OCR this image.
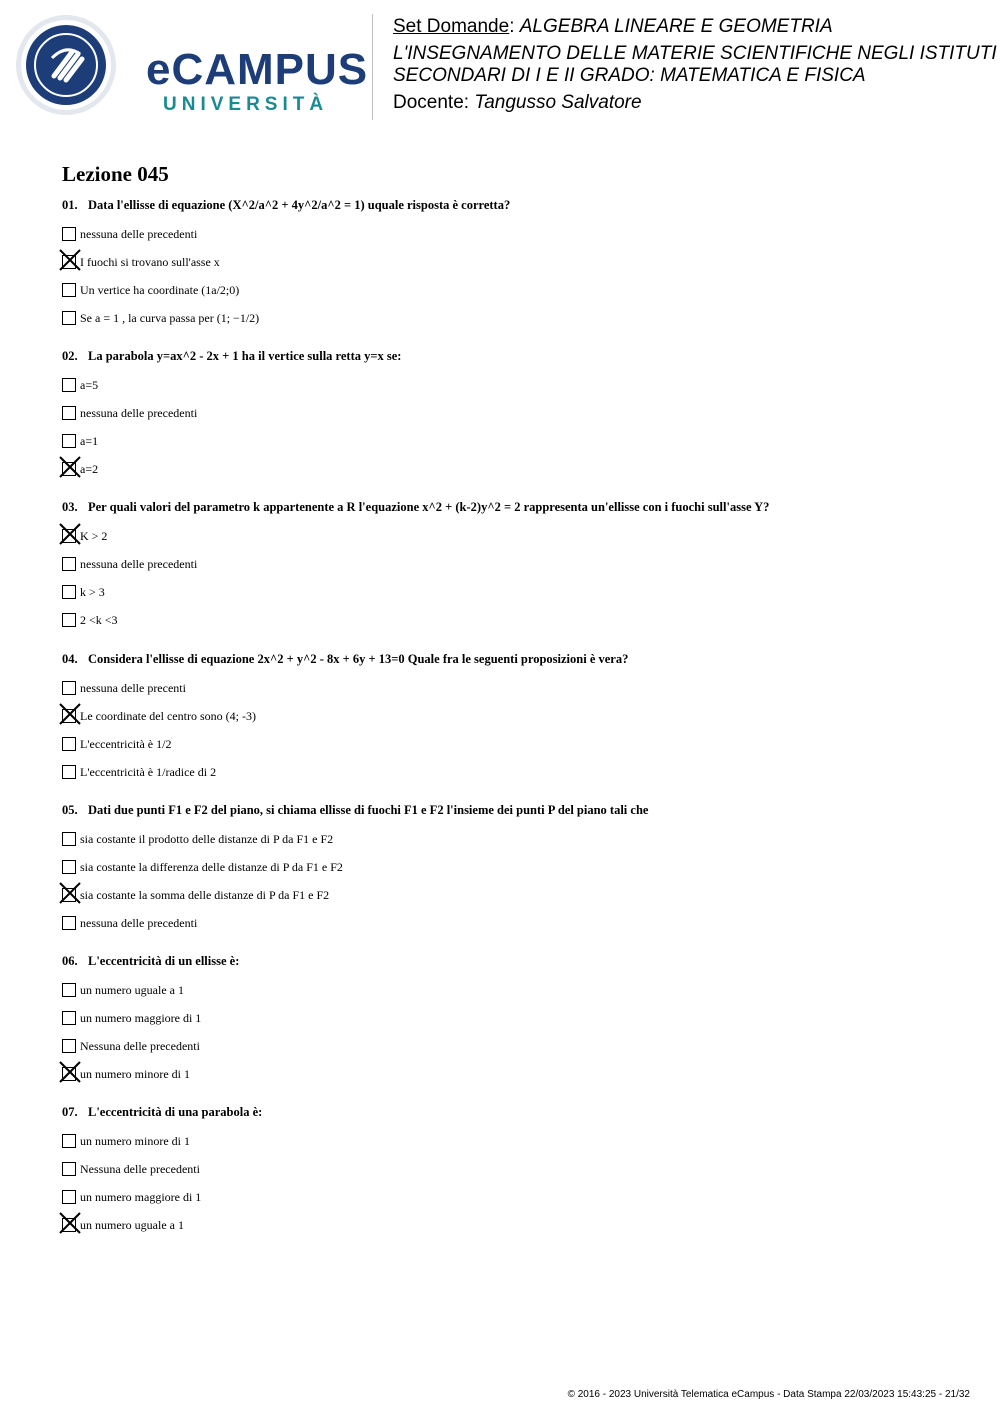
eCAMPUS
UNIVERSITÀ
Set Domande: ALGEBRA LINEARE E GEOMETRIA
L'INSEGNAMENTO DELLE MATERIE SCIENTIFICHE NEGLI ISTITUTI
SECONDARI DI I E II GRADO: MATEMATICA E FISICA
Docente: Tangusso Salvatore
Lezione 045
01. Data l'ellisse di equazione (X^2/a^2 + 4y^2/a^2 = 1) uquale risposta è corretta?
nessuna delle precedenti
I fuochi si trovano sull'asse x
Un vertice ha coordinate (1a/2;0)
Se a = 1 , la curva passa per (1; −1/2)
02. La parabola y=ax^2 - 2x + 1 ha il vertice sulla retta y=x se:
a=5
nessuna delle precedenti
a=1
a=2
03. Per quali valori del parametro k appartenente a R l'equazione x^2 + (k-2)y^2 = 2 rappresenta un'ellisse con i fuochi sull'asse Y?
K > 2
nessuna delle precedenti
k > 3
2 <k <3
04. Considera l'ellisse di equazione 2x^2 + y^2 - 8x + 6y + 13=0 Quale fra le seguenti proposizioni è vera?
nessuna delle precenti
Le coordinate del centro sono (4; -3)
L'eccentricità è 1/2
L'eccentricità è 1/radice di 2
05. Dati due punti F1 e F2 del piano, si chiama ellisse di fuochi F1 e F2 l'insieme dei punti P del piano tali che
sia costante il prodotto delle distanze di P da F1 e F2
sia costante la differenza delle distanze di P da F1 e F2
sia costante la somma delle distanze di P da F1 e F2
nessuna delle precedenti
06. L'eccentricità di un ellisse è:
un numero uguale a 1
un numero maggiore di 1
Nessuna delle precedenti
un numero minore di 1
07. L'eccentricità di una parabola è:
un numero minore di 1
Nessuna delle precedenti
un numero maggiore di 1
un numero uguale a 1
© 2016 - 2023 Università Telematica eCampus - Data Stampa 22/03/2023 15:43:25 - 21/32
